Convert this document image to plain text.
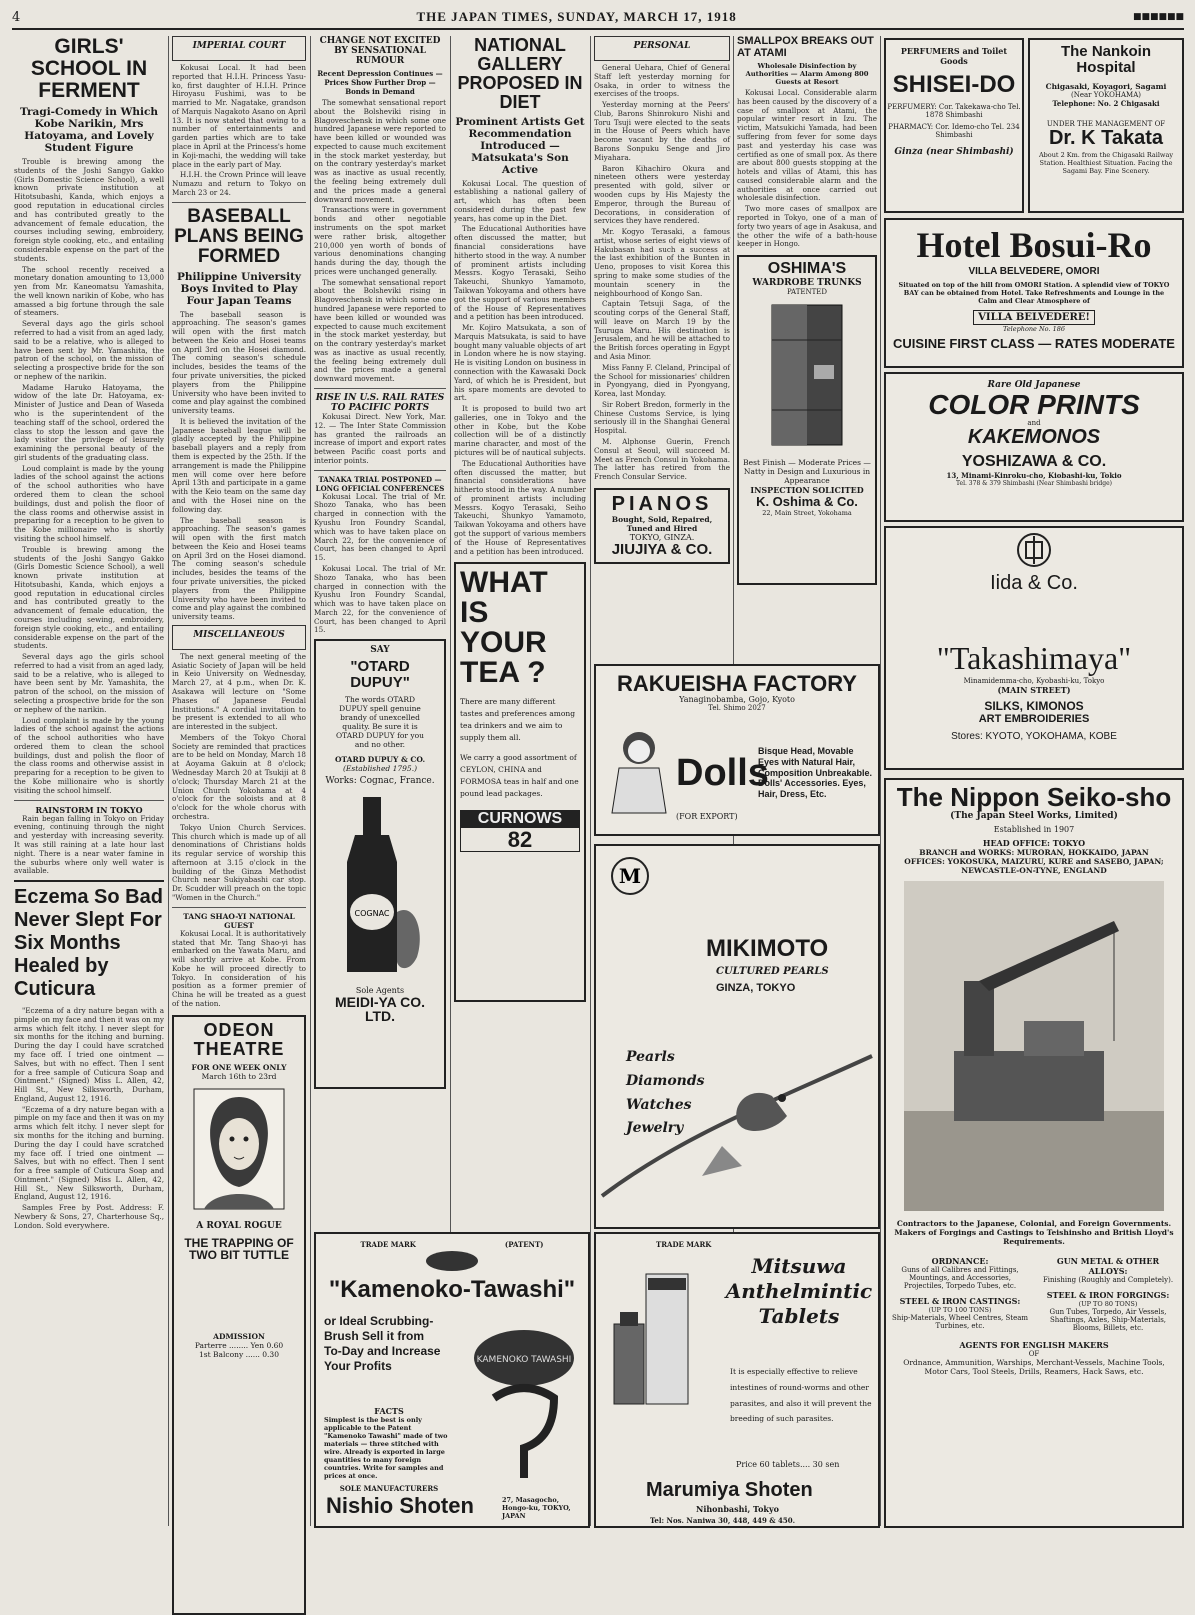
4	THE JAPAN TIMES, SUNDAY, MARCH 17, 1918	■■■■■■
GIRLS' SCHOOL IN FERMENT
Tragi-Comedy in Which Kobe Narikin, Mrs Hatoyama, and Lovely Student Figure

Trouble is brewing among the students of the Joshi Sangyo Gakko (Girls Domestic Science School), a well known private institution at Hitotsubashi, Kanda, which enjoys a good reputation in educational circles and has contributed greatly to the advancement of female education, the courses including sewing, embroidery, foreign style cooking, etc., and entailing considerable expense on the part of the students.

The school recently received a monetary donation amounting to 13,000 yen from Mr. Kaneomatsu Yamashita, the well known narikin of Kobe, who has amassed a big fortune through the sale of steamers.

Several days ago the girls school referred to had a visit from an aged lady, said to be a relative, who is alleged to have been sent by Mr. Yamashita, the patron of the school, on the mission of selecting a prospective bride for the son or nephew of the narikin.

Madame Haruko Hatoyama, the widow of the late Dr. Hatoyama, ex-Minister of Justice and Dean of Waseda who is the superintendent of the teaching staff of the school, ordered the class to stop the lesson and gave the lady visitor the privilege of leisurely examining the personal beauty of the girl students of the graduating class.

Loud complaint is made by the young ladies of the school against the actions of the school authorities who have ordered them to clean the school buildings, dust and polish the floor of the class rooms and otherwise assist in preparing for a reception to be given to the Kobe millionaire who is shortly visiting the school himself.

Trouble is brewing among the students of the Joshi Sangyo Gakko (Girls Domestic Science School), a well known private institution at Hitotsubashi, Kanda, which enjoys a good reputation in educational circles and has contributed greatly to the advancement of female education, the courses including sewing, embroidery, foreign style cooking, etc., and entailing considerable expense on the part of the students.

Several days ago the girls school referred to had a visit from an aged lady, said to be a relative, who is alleged to have been sent by Mr. Yamashita, the patron of the school, on the mission of selecting a prospective bride for the son or nephew of the narikin.

Loud complaint is made by the young ladies of the school against the actions of the school authorities who have ordered them to clean the school buildings, dust and polish the floor of the class rooms and otherwise assist in preparing for a reception to be given to the Kobe millionaire who is shortly visiting the school himself.

RAINSTORM IN TOKYO

Rain began falling in Tokyo on Friday evening, continuing through the night and yesterday with increasing severity. It was still raining at a late hour last night. There is a near water famine in the suburbs where only well water is available.

Eczema So Bad Never Slept For Six Months Healed by Cuticura

"Eczema of a dry nature began with a pimple on my face and then it was on my arms which felt itchy. I never slept for six months for the itching and burning. During the day I could have scratched my face off. I tried one ointment — Salves, but with no effect. Then I sent for a free sample of Cuticura Soap and Ointment." (Signed) Miss L. Allen, 42, Hill St., New Silksworth, Durham, England, August 12, 1916.

"Eczema of a dry nature began with a pimple on my face and then it was on my arms which felt itchy. I never slept for six months for the itching and burning. During the day I could have scratched my face off. I tried one ointment — Salves, but with no effect. Then I sent for a free sample of Cuticura Soap and Ointment." (Signed) Miss L. Allen, 42, Hill St., New Silksworth, Durham, England, August 12, 1916.

Samples Free by Post. Address: F. Newbery & Sons, 27, Charterhouse Sq., London. Sold everywhere.

IMPERIAL COURT

Kokusai Local. It had been reported that H.I.H. Princess Yasu-ko, first daughter of H.I.H. Prince Hiroyasu Fushimi, was to be married to Mr. Nagatake, grandson of Marquis Nagakoto Asano on April 13. It is now stated that owing to a number of entertainments and garden parties which are to take place in April at the Princess's home in Koji-machi, the wedding will take place in the early part of May.

H.I.H. the Crown Prince will leave Numazu and return to Tokyo on March 23 or 24.

BASEBALL PLANS BEING FORMED
Philippine University Boys Invited to Play Four Japan Teams

The baseball season is approaching. The season's games will open with the first match between the Keio and Hosei teams on April 3rd on the Hosei diamond. The coming season's schedule includes, besides the teams of the four private universities, the picked players from the Philippine University who have been invited to come and play against the combined university teams.

It is believed the invitation of the Japanese baseball league will be gladly accepted by the Philippine baseball players and a reply from them is expected by the 25th. If the arrangement is made the Philippine men will come over here before April 13th and participate in a game with the Keio team on the same day and with the Hosei nine on the following day.

The baseball season is approaching. The season's games will open with the first match between the Keio and Hosei teams on April 3rd on the Hosei diamond. The coming season's schedule includes, besides the teams of the four private universities, the picked players from the Philippine University who have been invited to come and play against the combined university teams.

MISCELLANEOUS

The next general meeting of the Asiatic Society of Japan will be held in Keio University on Wednesday, March 27, at 4 p.m., when Dr. K. Asakawa will lecture on "Some Phases of Japanese Feudal Institutions." A cordial invitation to be present is extended to all who are interested in the subject.

Members of the Tokyo Choral Society are reminded that practices are to be held on Monday, March 18 at Aoyama Gakuin at 8 o'clock; Wednesday March 20 at Tsukiji at 8 o'clock; Thursday March 21 at the Union Church Yokohama at 4 o'clock for the soloists and at 8 o'clock for the whole chorus with orchestra.

Tokyo Union Church Services. This church which is made up of all denominations of Christians holds its regular service of worship this afternoon at 3.15 o'clock in the building of the Ginza Methodist Church near Sukiyabashi car stop. Dr. Scudder will preach on the topic "Women in the Church."

TANG SHAO-YI NATIONAL GUEST

Kokusai Local. It is authoritatively stated that Mr. Tang Shao-yi has embarked on the Yawata Maru, and will shortly arrive at Kobe. From Kobe he will proceed directly to Tokyo. In consideration of his position as a former premier of China he will be treated as a guest of the nation.

ODEON THEATRE
FOR ONE WEEK ONLY
March 16th to 23rd
A ROYAL ROGUE
THE TRAPPING OF TWO BIT TUTTLE
ADMISSION
Parterre ........ Yen 0.60
1st Balcony ...... 0.30
CHANGE NOT EXCITED BY SENSATIONAL RUMOUR
Recent Depression Continues — Prices Show Further Drop — Bonds in Demand

The somewhat sensational report about the Bolsheviki rising in Blagoveschensk in which some one hundred Japanese were reported to have been killed or wounded was expected to cause much excitement in the stock market yesterday, but on the contrary yesterday's market was as inactive as usual recently, the feeling being extremely dull and the prices made a general downward movement.

Transactions were in government bonds and other negotiable instruments on the spot market were rather brisk, altogether 210,000 yen worth of bonds of various denominations changing hands during the day, though the prices were unchanged generally.

The somewhat sensational report about the Bolsheviki rising in Blagoveschensk in which some one hundred Japanese were reported to have been killed or wounded was expected to cause much excitement in the stock market yesterday, but on the contrary yesterday's market was as inactive as usual recently, the feeling being extremely dull and the prices made a general downward movement.

RISE IN U.S. RAIL RATES TO PACIFIC PORTS

Kokusai Direct. New York, Mar. 12. — The Inter State Commission has granted the railroads an increase of import and export rates between Pacific coast ports and interior points.

TANAKA TRIAL POSTPONED — LONG OFFICIAL CONFERENCES

Kokusai Local. The trial of Mr. Shozo Tanaka, who has been charged in connection with the Kyushu Iron Foundry Scandal, which was to have taken place on March 22, for the convenience of Court, has been changed to April 15.

Kokusai Local. The trial of Mr. Shozo Tanaka, who has been charged in connection with the Kyushu Iron Foundry Scandal, which was to have taken place on March 22, for the convenience of Court, has been changed to April 15.

SAY
"OTARD DUPUY"
The words OTARD DUPUY spell genuine brandy of unexcelled quality. Be sure it is OTARD DUPUY for you and no other.
OTARD DUPUY & CO.
(Established 1795.)
Works: Cognac, France.
COGNAC
Sole Agents
MEIDI-YA CO. LTD.
NATIONAL GALLERY PROPOSED IN DIET
Prominent Artists Get Recommendation Introduced — Matsukata's Son Active

Kokusai Local. The question of establishing a national gallery of art, which has often been considered during the past few years, has come up in the Diet.

The Educational Authorities have often discussed the matter, but financial considerations have hitherto stood in the way. A number of prominent artists including Messrs. Kogyo Terasaki, Seiho Takeuchi, Shunkyo Yamamoto, Taikwan Yokoyama and others have got the support of various members of the House of Representatives and a petition has been introduced.

Mr. Kojiro Matsukata, a son of Marquis Matsukata, is said to have bought many valuable objects of art in London where he is now staying. He is visiting London on business in connection with the Kawasaki Dock Yard, of which he is President, but his spare moments are devoted to art.

It is proposed to build two art galleries, one in Tokyo and the other in Kobe, but the Kobe collection will be of a distinctly marine character, and most of the pictures will be of nautical subjects.

The Educational Authorities have often discussed the matter, but financial considerations have hitherto stood in the way. A number of prominent artists including Messrs. Kogyo Terasaki, Seiho Takeuchi, Shunkyo Yamamoto, Taikwan Yokoyama and others have got the support of various members of the House of Representatives and a petition has been introduced.

WHAT IS YOUR TEA ?
There are many different tastes and preferences among tea drinkers and we aim to supply them all.
We carry a good assortment of CEYLON, CHINA and FORMOSA teas in half and one pound lead packages.
CURNOWS
82
PERSONAL

General Uehara, Chief of General Staff left yesterday morning for Osaka, in order to witness the exercises of the troops.

Yesterday morning at the Peers' Club, Barons Shinrokuro Nishi and Toru Tsuji were elected to the seats in the House of Peers which have become vacant by the deaths of Barons Sonpuku Senge and Jiro Miyahara.

Baron Kihachiro Okura and nineteen others were yesterday presented with gold, silver or wooden cups by His Majesty the Emperor, through the Bureau of Decorations, in consideration of services they have rendered.

Mr. Kogyo Terasaki, a famous artist, whose series of eight views of Hakubasan had such a success at the last exhibition of the Bunten in Ueno, proposes to visit Korea this spring to make some studies of the mountain scenery in the neighbourhood of Kongo San.

Captain Tetsuji Saga, of the scouting corps of the General Staff, will leave on March 19 by the Tsuruga Maru. His destination is Jerusalem, and he will be attached to the British forces operating in Egypt and Asia Minor.

Miss Fanny F. Cleland, Principal of the School for missionaries' children in Pyongyang, died in Pyongyang, Korea, last Monday.

Sir Robert Bredon, formerly in the Chinese Customs Service, is lying seriously ill in the Shanghai General Hospital.

M. Alphonse Guerin, French Consul at Seoul, will succeed M. Meet as French Consul in Yokohama. The latter has retired from the French Consular Service.

PIANOS
Bought, Sold, Repaired, Tuned and Hired
TOKYO, GINZA.
JIUJIYA & CO.
SMALLPOX BREAKS OUT AT ATAMI
Wholesale Disinfection by Authorities — Alarm Among 800 Guests at Resort

Kokusai Local. Considerable alarm has been caused by the discovery of a case of smallpox at Atami, the popular winter resort in Izu. The victim, Matsukichi Yamada, had been suffering from fever for some days past and yesterday his case was certified as one of small pox. As there are about 800 guests stopping at the hotels and villas of Atami, this has caused considerable alarm and the authorities at once carried out wholesale disinfection.

Two more cases of smallpox are reported in Tokyo, one of a man of forty two years of age in Asakusa, and the other the wife of a bath-house keeper in Hongo.

OSHIMA'S
WARDROBE TRUNKS
PATENTED
Best Finish — Moderate Prices — Natty in Design and Luxurious in Appearance
INSPECTION SOLICITED
K. Oshima & Co.
22, Main Street, Yokohama
RAKUEISHA FACTORY
Yanaginobamba, Gojo, Kyoto
Tel. Shimo 2027
Dolls
(FOR EXPORT)
Bisque Head, Movable Eyes with Natural Hair, Composition Unbreakable. Dolls' Accessories. Eyes, Hair, Dress, Etc.
M
MIKIMOTO
CULTURED PEARLS
GINZA, TOKYO
Pearls
Diamonds
Watches
Jewelry
TRADE MARK	(PATENT)
"Kamenoko-Tawashi"
or Ideal Scrubbing-Brush Sell it from To-Day and Increase Your Profits	KAMENOKO TAWASHI
FACTS
Simplest is the best is only applicable to the Patent "Kamenoko Tawashi" made of two materials — three stitched with wire. Already is exported in large quantities to many foreign countries. Write for samples and prices at once.
SOLE MANUFACTURERS
Nishio Shoten	27, Masagocho, Hongo-ku, TOKYO, JAPAN
TRADE MARK
Mitsuwa Anthelmintic Tablets
It is especially effective to relieve intestines of round-worms and other parasites, and also it will prevent the breeding of such parasites.
Price 60 tablets.... 30 sen
Marumiya Shoten
Nihonbashi, Tokyo
Tel: Nos. Naniwa 30, 448, 449 & 450.
PERFUMERS and Toilet Goods
SHISEI-DO
PERFUMERY: Cor. Takekawa-cho Tel. 1878 Shimbashi
PHARMACY: Cor. Idemo-cho Tel. 234 Shimbashi
Ginza (near Shimbashi)
The Nankoin Hospital
Chigasaki, Koyagori, Sagami
(Near YOKOHAMA)
Telephone: No. 2 Chigasaki
UNDER THE MANAGEMENT OF
Dr. K Takata
About 2 Km. from the Chigasaki Railway Station. Healthiest Situation. Facing the Sagami Bay. Fine Scenery.
Hotel Bosui-Ro
VILLA BELVEDERE, OMORI
Situated on top of the hill from OMORI Station. A splendid view of TOKYO BAY can be obtained from Hotel. Take Refreshments and Lounge in the Calm and Clear Atmosphere of
VILLA BELVEDERE!
Telephone No. 186
CUISINE FIRST CLASS — RATES MODERATE
Rare Old Japanese
COLOR PRINTS
and
KAKEMONOS
YOSHIZAWA & CO.
13, Minami-Kinroku-cho, Kiobashi-ku, Tokio
Tel. 378 & 379 Shimbashi (Near Shimbashi bridge)
Iida & Co.
"Takashimaya"
Minamidemma-cho, Kyobashi-ku, Tokyo
(MAIN STREET)
SILKS, KIMONOS
ART EMBROIDERIES
Stores: KYOTO, YOKOHAMA, KOBE
The Nippon Seiko-sho
(The Japan Steel Works, Limited)
Established in 1907
HEAD OFFICE: TOKYO
BRANCH and WORKS: MURORAN, HOKKAIDO, JAPAN
OFFICES: YOKOSUKA, MAIZURU, KURE and SASEBO, JAPAN; NEWCASTLE-ON-TYNE, ENGLAND
Contractors to the Japanese, Colonial, and Foreign Governments. Makers of Forgings and Castings to Teishinsho and British Lloyd's Requirements.
ORDNANCE:
Guns of all Calibres and Fittings, Mountings, and Accessories, Projectiles, Torpedo Tubes, etc.
STEEL & IRON CASTINGS:
(UP TO 100 TONS)
Ship-Materials, Wheel Centres, Steam Turbines, etc.
GUN METAL & OTHER ALLOYS:
Finishing (Roughly and Completely).
STEEL & IRON FORGINGS:
(UP TO 80 TONS)
Gun Tubes, Torpedo, Air Vessels, Shaftings, Axles, Ship-Materials, Blooms, Billets, etc.
AGENTS FOR ENGLISH MAKERS
OF
Ordnance, Ammunition, Warships, Merchant-Vessels, Machine Tools, Motor Cars, Tool Steels, Drills, Reamers, Hack Saws, etc.
